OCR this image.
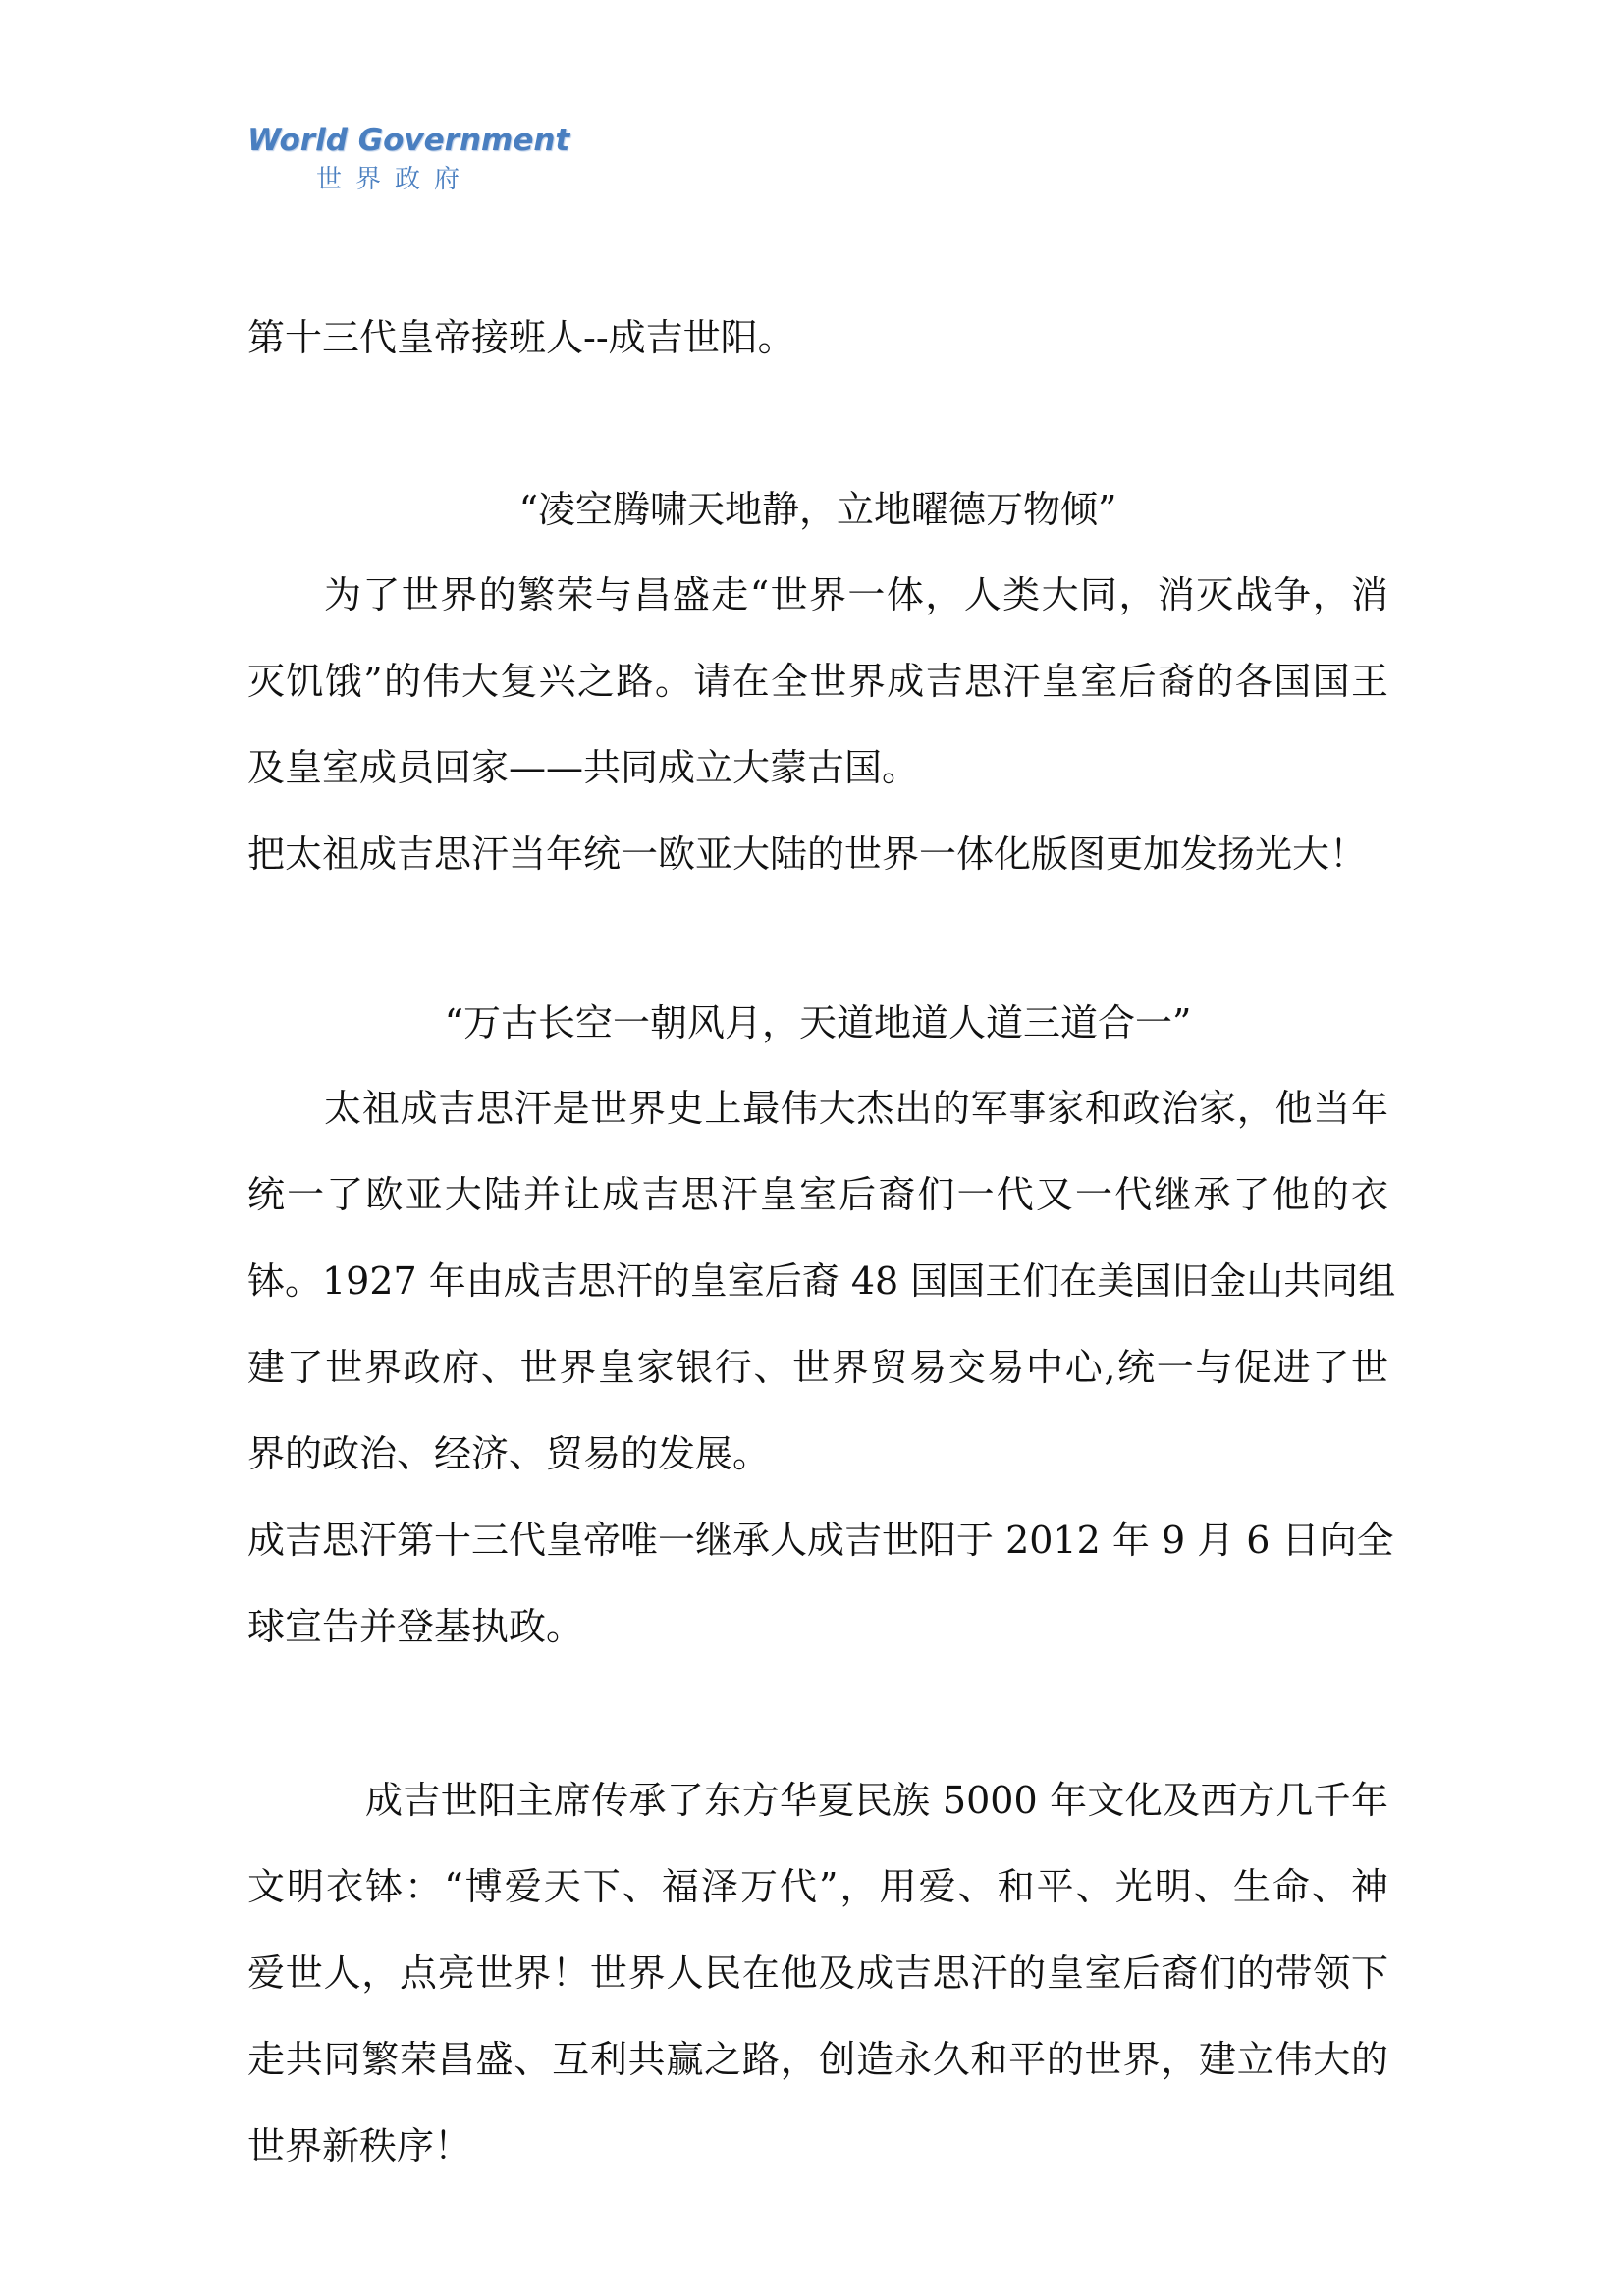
World Government
世界政府
第十三代皇帝接班人--成吉世阳。
“凌空腾啸天地静，立地曜德万物倾”
为了世界的繁荣与昌盛走“世界一体，人类大同，消灭战争，消
灭饥饿”的伟大复兴之路。请在全世界成吉思汗皇室后裔的各国国王
及皇室成员回家——共同成立大蒙古国。
把太祖成吉思汗当年统一欧亚大陆的世界一体化版图更加发扬光大！
“万古长空一朝风月，天道地道人道三道合一”
太祖成吉思汗是世界史上最伟大杰出的军事家和政治家，他当年
统一了欧亚大陆并让成吉思汗皇室后裔们一代又一代继承了他的衣
钵。1927 年由成吉思汗的皇室后裔 48 国国王们在美国旧金山共同组
建了世界政府、世界皇家银行、世界贸易交易中心,统一与促进了世
界的政治、经济、贸易的发展。
成吉思汗第十三代皇帝唯一继承人成吉世阳于 2012 年 9 月 6 日向全
球宣告并登基执政。
成吉世阳主席传承了东方华夏民族 5000 年文化及西方几千年
文明衣钵：“博爱天下、福泽万代”，用爱、和平、光明、生命、神
爱世人，点亮世界！世界人民在他及成吉思汗的皇室后裔们的带领下
走共同繁荣昌盛、互利共赢之路，创造永久和平的世界，建立伟大的
世界新秩序！
